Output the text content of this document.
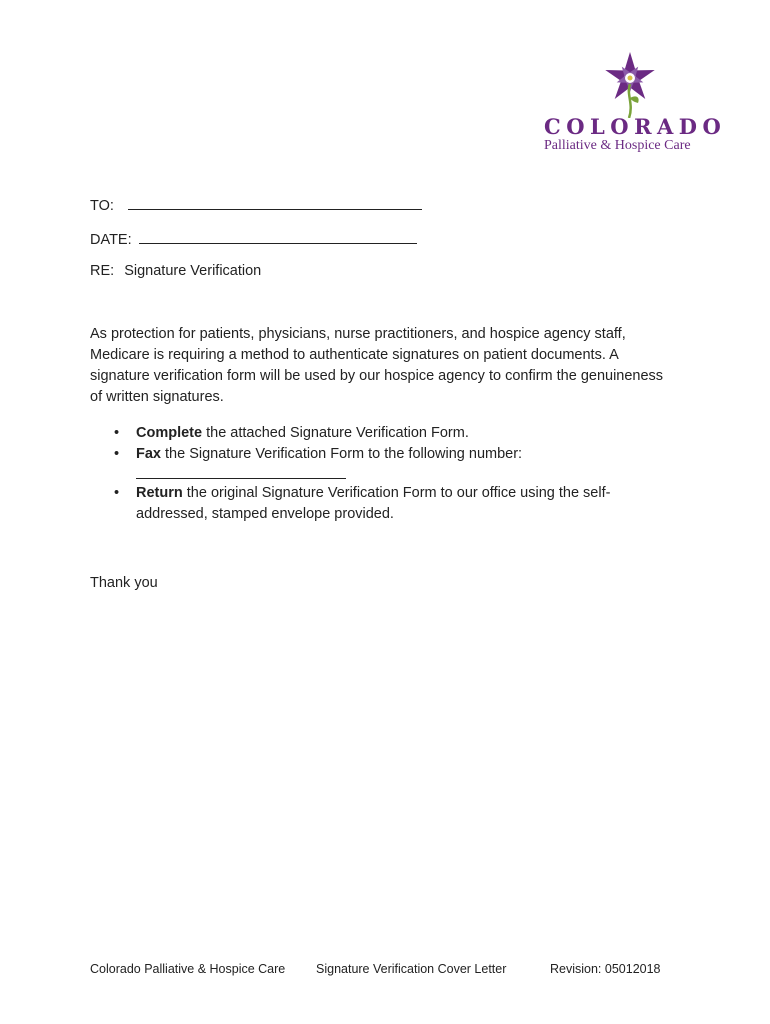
COLORADO
Palliative & Hospice Care
TO:
DATE:
RE: Signature Verification
As protection for patients, physicians, nurse practitioners, and hospice agency staff, Medicare is requiring a method to authenticate signatures on patient documents. A signature verification form will be used by our hospice agency to confirm the genuineness of written signatures.
• Complete the attached Signature Verification Form.
• Fax the Signature Verification Form to the following number:
• Return the original Signature Verification Form to our office using the self-addressed, stamped envelope provided.
Thank you
Colorado Palliative & Hospice Care Signature Verification Cover Letter	Revision: 05012018
